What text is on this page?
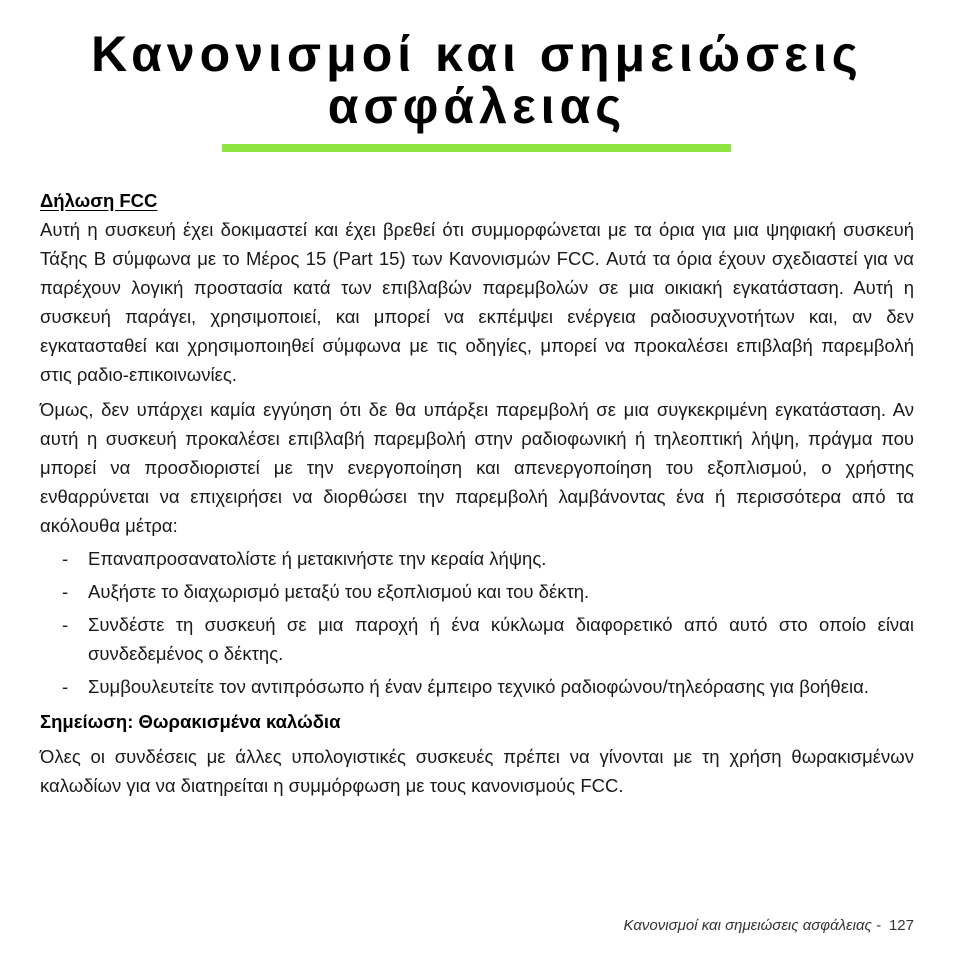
Κανονισμοί και σημειώσεις ασφάλειας
Δήλωση FCC

Αυτή η συσκευή έχει δοκιμαστεί και έχει βρεθεί ότι συμμορφώνεται με τα όρια για μια ψηφιακή συσκευή Τάξης B σύμφωνα με το Μέρος 15 (Part 15) των Κανονισμών FCC. Αυτά τα όρια έχουν σχεδιαστεί για να παρέχουν λογική προστασία κατά των επιβλαβών παρεμβολών σε μια οικιακή εγκατάσταση. Αυτή η συσκευή παράγει, χρησιμοποιεί, και μπορεί να εκπέμψει ενέργεια ραδιοσυχνοτήτων και, αν δεν εγκατασταθεί και χρησιμοποιηθεί σύμφωνα με τις οδηγίες, μπορεί να προκαλέσει επιβλαβή παρεμβολή στις ραδιο-επικοινωνίες.

Όμως, δεν υπάρχει καμία εγγύηση ότι δε θα υπάρξει παρεμβολή σε μια συγκεκριμένη εγκατάσταση. Αν αυτή η συσκευή προκαλέσει επιβλαβή παρεμβολή στην ραδιοφωνική ή τηλεοπτική λήψη, πράγμα που μπορεί να προσδιοριστεί με την ενεργοποίηση και απενεργοποίηση του εξοπλισμού, ο χρήστης ενθαρρύνεται να επιχειρήσει να διορθώσει την παρεμβολή λαμβάνοντας ένα ή περισσότερα από τα ακόλουθα μέτρα:

- Επαναπροσανατολίστε ή μετακινήστε την κεραία λήψης.
- Αυξήστε το διαχωρισμό μεταξύ του εξοπλισμού και του δέκτη.
- Συνδέστε τη συσκευή σε μια παροχή ή ένα κύκλωμα διαφορετικό από αυτό στο οποίο είναι συνδεδεμένος ο δέκτης.
- Συμβουλευτείτε τον αντιπρόσωπο ή έναν έμπειρο τεχνικό ραδιοφώνου/τηλεόρασης για βοήθεια.
Σημείωση: Θωρακισμένα καλώδια

Όλες οι συνδέσεις με άλλες υπολογιστικές συσκευές πρέπει να γίνονται με τη χρήση θωρακισμένων καλωδίων για να διατηρείται η συμμόρφωση με τους κανονισμούς FCC.

Κανονισμοί και σημειώσεις ασφάλειας - 127
